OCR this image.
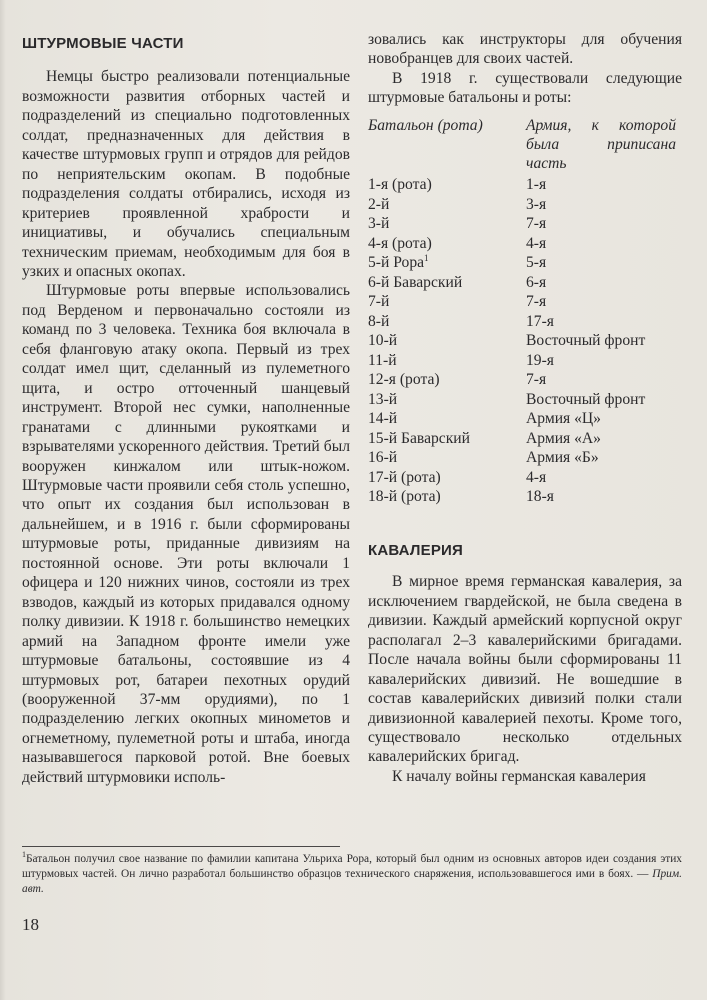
ШТУРМОВЫЕ ЧАСТИ

Немцы быстро реализовали потенциальные возможности развития отборных частей и подразделений из специально подготовленных солдат, предназначенных для действия в качестве штурмовых групп и отрядов для рейдов по неприятельским окопам. В подобные подразделения солдаты отбирались, исходя из критериев проявленной храбрости и инициативы, и обучались специальным техническим приемам, необходимым для боя в узких и опасных окопах.

Штурмовые роты впервые использовались под Верденом и первоначально состояли из команд по 3 человека. Техника боя включала в себя фланговую атаку окопа. Первый из трех солдат имел щит, сделанный из пулеметного щита, и остро отточенный шанцевый инструмент. Второй нес сумки, наполненные гранатами с длинными рукоятками и взрывателями ускоренного действия. Третий был вооружен кинжалом или штык-ножом. Штурмовые части проявили себя столь успешно, что опыт их создания был использован в дальнейшем, и в 1916 г. были сформированы штурмовые роты, приданные дивизиям на постоянной основе. Эти роты включали 1 офицера и 120 нижних чинов, состояли из трех взводов, каждый из которых придавался одному полку дивизии. К 1918 г. большинство немецких армий на Западном фронте имели уже штурмовые батальоны, состоявшие из 4 штурмовых рот, батареи пехотных орудий (вооруженной 37-мм орудиями), по 1 подразделению легких окопных минометов и огнеметному, пулеметной роты и штаба, иногда называвшегося парковой ротой. Вне боевых действий штурмовики исполь-

зовались как инструкторы для обучения новобранцев для своих частей.

В 1918 г. существовали следующие штурмовые батальоны и роты:

Батальон (рота)	Армия, к которой была приписана часть
1-я (рота)	1-я
2-й	3-я
3-й	7-я
4-я (рота)	4-я
5-й Рора$^1$	5-я
6-й Баварский	6-я
7-й	7-я
8-й	17-я
10-й	Восточный фронт
11-й	19-я
12-я (рота)	7-я
13-й	Восточный фронт
14-й	Армия «Ц»
15-й Баварский	Армия «А»
16-й	Армия «Б»
17-й (рота)	4-я
18-й (рота)	18-я
КАВАЛЕРИЯ

В мирное время германская кавалерия, за исключением гвардейской, не была сведена в дивизии. Каждый армейский корпусной округ располагал 2–3 кавалерийскими бригадами. После начала войны были сформированы 11 кавалерийских дивизий. Не вошедшие в состав кавалерийских дивизий полки стали дивизионной кавалерией пехоты. Кроме того, существовало несколько отдельных кавалерийских бригад.

К началу войны германская кавалерия

$^1$Батальон получил свое название по фамилии капитана Ульриха Рора, который был одним из основных авторов идеи создания этих штурмовых частей. Он лично разработал большинство образцов технического снаряжения, использовавшегося ими в боях. — Прим. авт.
18
